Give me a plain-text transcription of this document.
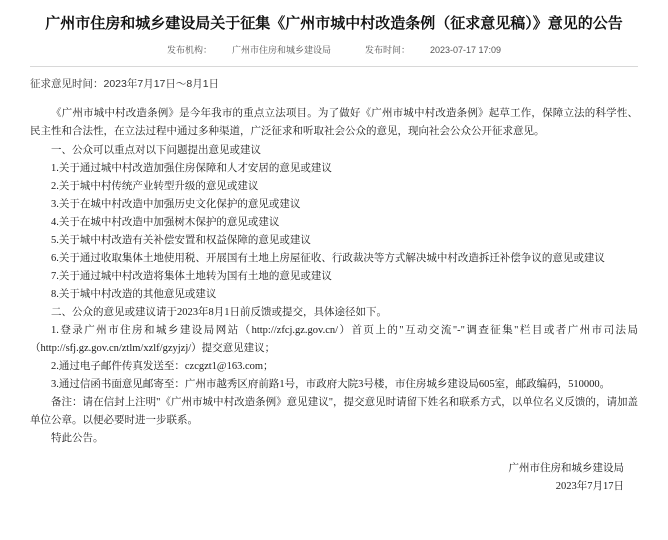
广州市住房和城乡建设局关于征集《广州市城中村改造条例（征求意见稿）》意见的公告
发布机构： 广州市住房和城乡建设局	发布时间： 2023-07-17 17:09
征求意见时间：2023年7月17日～8月1日

《广州市城中村改造条例》是今年我市的重点立法项目。为了做好《广州市城中村改造条例》起草工作，保障立法的科学性、民主性和合法性，在立法过程中通过多种渠道，广泛征求和听取社会公众的意见，现向社会公众公开征求意见。

一、公众可以重点对以下问题提出意见或建议

1.关于通过城中村改造加强住房保障和人才安居的意见或建议

2.关于城中村传统产业转型升级的意见或建议

3.关于在城中村改造中加强历史文化保护的意见或建议

4.关于在城中村改造中加强树木保护的意见或建议

5.关于城中村改造有关补偿安置和权益保障的意见或建议

6.关于通过收取集体土地使用税、开展国有土地上房屋征收、行政裁决等方式解决城中村改造拆迁补偿争议的意见或建议

7.关于通过城中村改造将集体土地转为国有土地的意见或建议

8.关于城中村改造的其他意见或建议

二、公众的意见或建议请于2023年8月1日前反馈或提交，具体途径如下。

1.登录广州市住房和城乡建设局网站（http://zfcj.gz.gov.cn/）首页上的"互动交流"-"调查征集"栏目或者广州市司法局（http://sfj.gz.gov.cn/ztlm/xzlf/gzyjzj/）提交意见建议；

2.通过电子邮件传真发送至：czcgzt1@163.com；

3.通过信函书面意见邮寄至：广州市越秀区府前路1号，市政府大院3号楼，市住房城乡建设局605室，邮政编码，510000。

备注：请在信封上注明"《广州市城中村改造条例》意见建议"，提交意见时请留下姓名和联系方式，以单位名义反馈的，请加盖单位公章。以便必要时进一步联系。

特此公告。

广州市住房和城乡建设局
2023年7月17日
